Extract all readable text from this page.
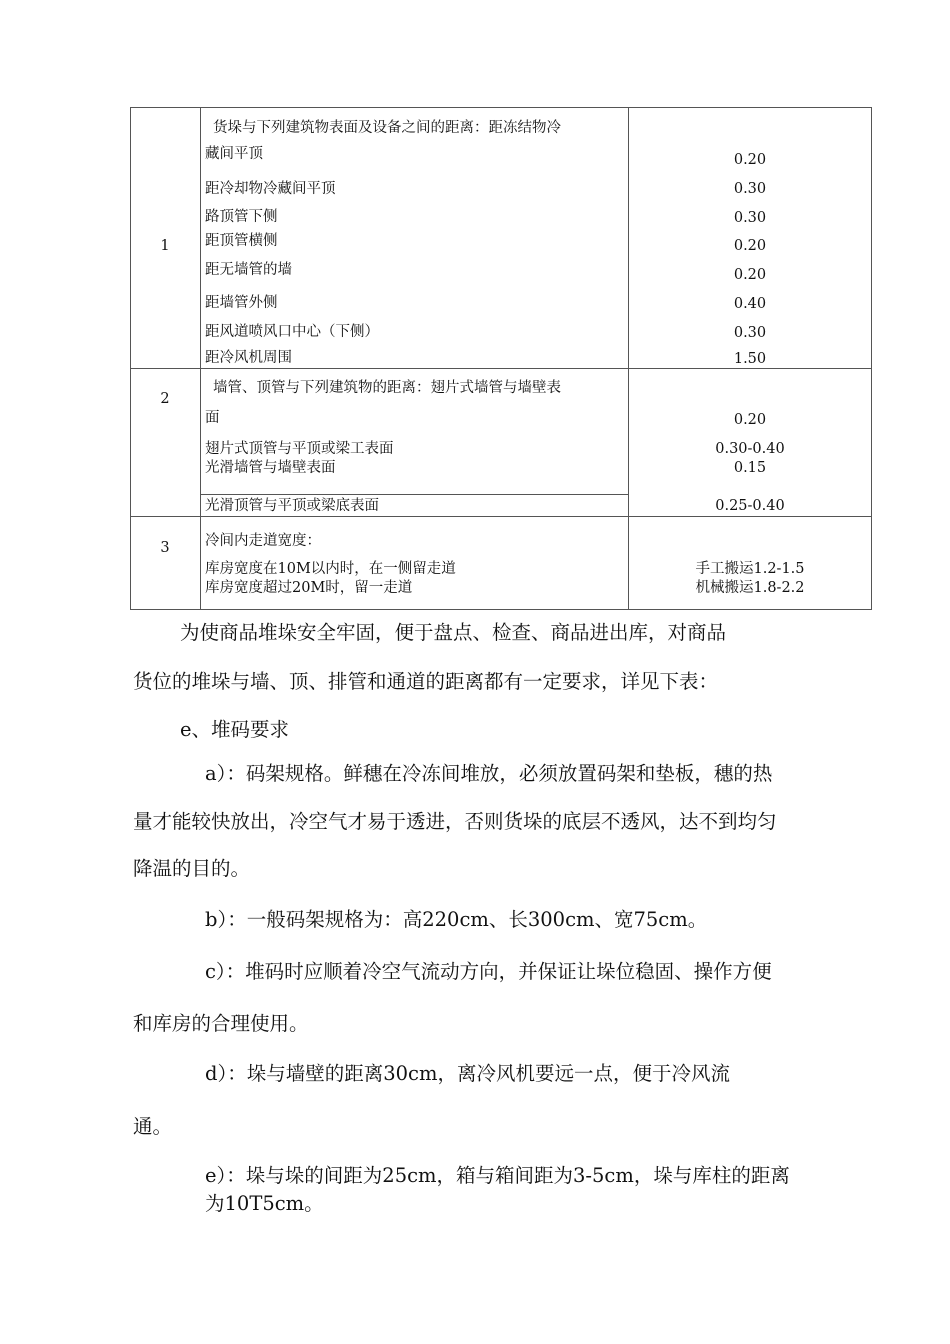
1
货垛与下列建筑物表面及设备之间的距离：距冻结物冷
藏间平顶
距冷却物冷藏间平顶
路顶管下侧
距顶管横侧
距无墙管的墙
距墙管外侧
距风道喷风口中心（下侧）
距冷风机周围
0.20
0.30
0.30
0.20
0.20
0.40
0.30
1.50
2
墙管、顶管与下列建筑物的距离：翅片式墙管与墙壁表
面
翅片式顶管与平顶或梁工表面
光滑墙管与墙壁表面
光滑顶管与平顶或梁底表面
0.20
0.30-0.40
0.15
0.25-0.40
3	冷间内走道宽度：
库房宽度在10M以内时，在一侧留走道
库房宽度超过20M时，留一走道
手工搬运1.2-1.5
机械搬运1.8-2.2
为使商品堆垛安全牢固，便于盘点、检查、商品进出库，对商品
货位的堆垛与墙、顶、排管和通道的距离都有一定要求，详见下表：
e、堆码要求
a）：码架规格。鲜穗在冷冻间堆放，必须放置码架和垫板，穗的热
量才能较快放出，冷空气才易于透进，否则货垛的底层不透风，达不到均匀
降温的目的。
b）：一般码架规格为：高220cm、长300cm、宽75cm。
c）：堆码时应顺着冷空气流动方向，并保证让垛位稳固、操作方便
和库房的合理使用。
d）：垛与墙壁的距离30cm，离冷风机要远一点，便于冷风流
通。
e）：垛与垛的间距为25cm，箱与箱间距为3-5cm，垛与库柱的距离
为10T5cm。
